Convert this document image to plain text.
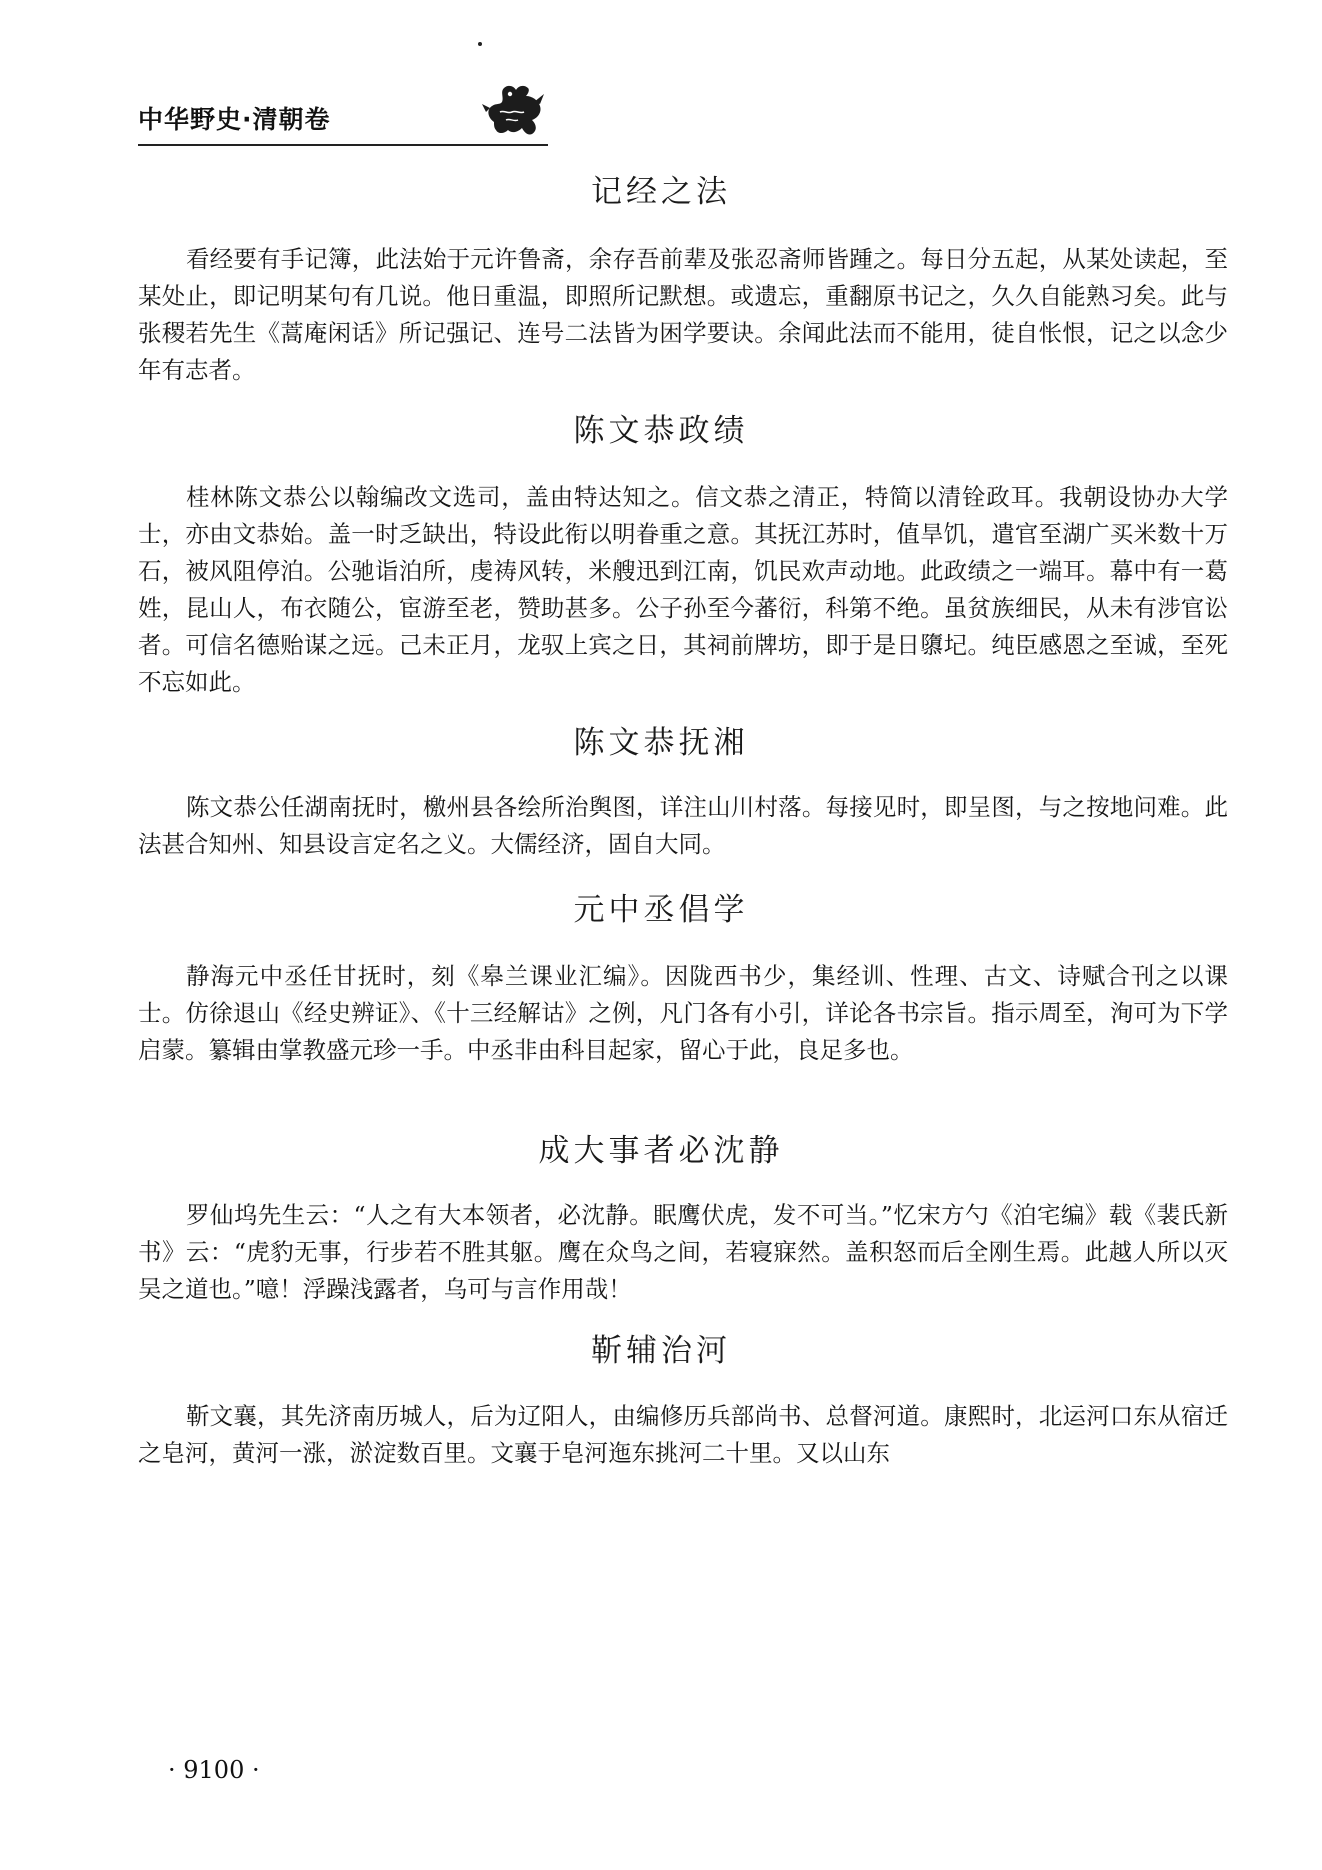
中华野史·清朝卷
记经之法

看经要有手记簿，此法始于元许鲁斋，余存吾前辈及张忍斋师皆踵之。每日分五起，从某处读起，至某处止，即记明某句有几说。他日重温，即照所记默想。或遗忘，重翻原书记之，久久自能熟习矣。此与张稷若先生《蒿庵闲话》所记强记、连号二法皆为困学要诀。余闻此法而不能用，徒自怅恨，记之以念少年有志者。

陈文恭政绩

桂林陈文恭公以翰编改文选司，盖由特达知之。信文恭之清正，特简以清铨政耳。我朝设协办大学士，亦由文恭始。盖一时乏缺出，特设此衔以明眷重之意。其抚江苏时，值旱饥，遣官至湖广买米数十万石，被风阻停泊。公驰诣泊所，虔祷风转，米艘迅到江南，饥民欢声动地。此政绩之一端耳。幕中有一葛姓，昆山人，布衣随公，宦游至老，赞助甚多。公子孙至今蕃衍，科第不绝。虽贫族细民，从未有涉官讼者。可信名德贻谋之远。己未正月，龙驭上宾之日，其祠前牌坊，即于是日隳圮。纯臣感恩之至诚，至死不忘如此。

陈文恭抚湘

陈文恭公任湖南抚时，檄州县各绘所治舆图，详注山川村落。每接见时，即呈图，与之按地问难。此法甚合知州、知县设言定名之义。大儒经济，固自大同。

元中丞倡学

静海元中丞任甘抚时，刻《皋兰课业汇编》。因陇西书少，集经训、性理、古文、诗赋合刊之以课士。仿徐退山《经史辨证》、《十三经解诂》之例，凡门各有小引，详论各书宗旨。指示周至，洵可为下学启蒙。纂辑由掌教盛元珍一手。中丞非由科目起家，留心于此，良足多也。

成大事者必沈静

罗仙坞先生云：“人之有大本领者，必沈静。眠鹰伏虎，发不可当。”忆宋方勺《泊宅编》载《裴氏新书》云：“虎豹无事，行步若不胜其躯。鹰在众鸟之间，若寝寐然。盖积怒而后全刚生焉。此越人所以灭吴之道也。”噫！浮躁浅露者，乌可与言作用哉！

靳辅治河

靳文襄，其先济南历城人，后为辽阳人，由编修历兵部尚书、总督河道。康熙时，北运河口东从宿迁之皂河，黄河一涨，淤淀数百里。文襄于皂河迤东挑河二十里。又以山东

· 9100 ·
